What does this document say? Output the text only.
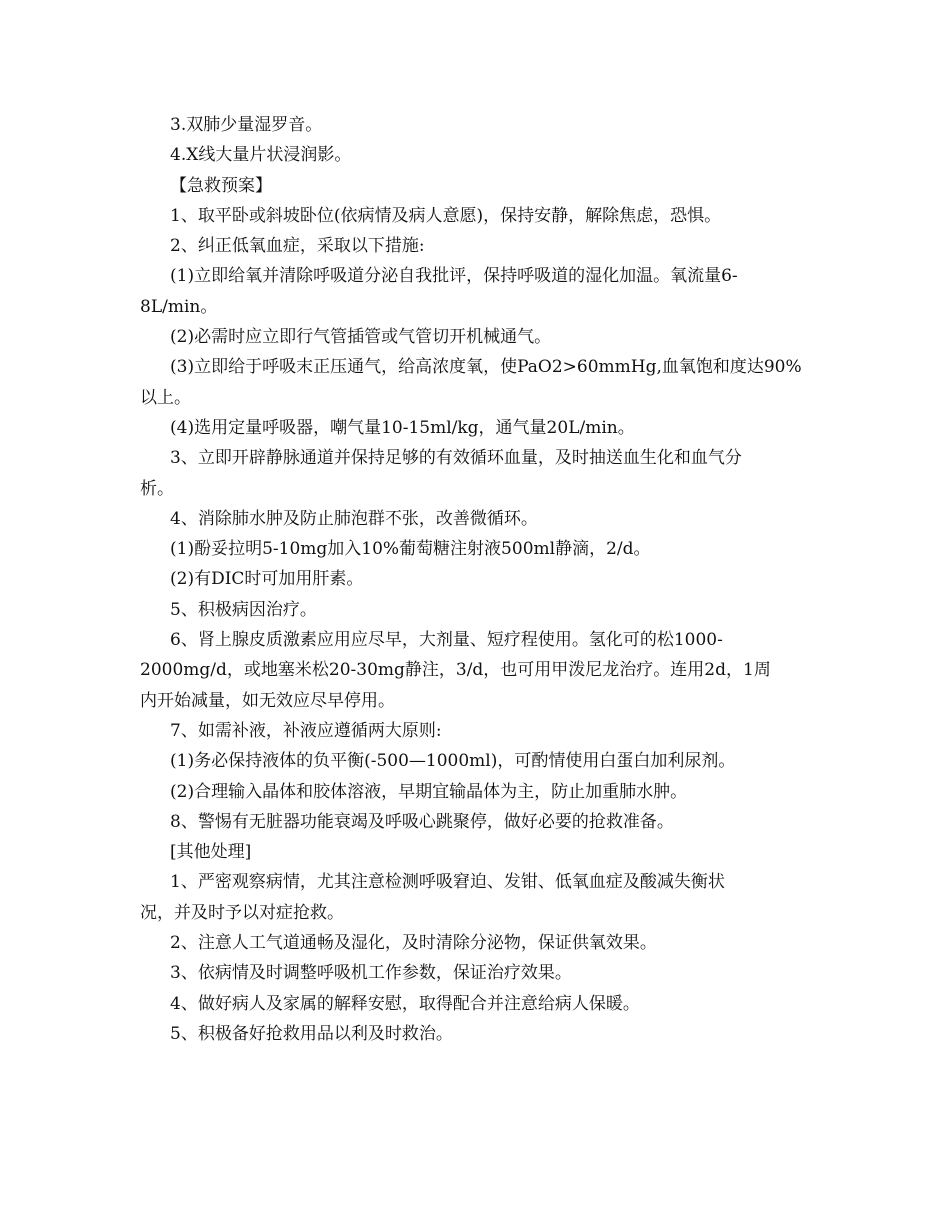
3.双肺少量湿罗音。
4.X线大量片状浸润影。
【急救预案】
1、取平卧或斜坡卧位(依病情及病人意愿)，保持安静，解除焦虑，恐惧。
2、纠正低氧血症，采取以下措施:
(1)立即给氧并清除呼吸道分泌自我批评，保持呼吸道的湿化加温。氧流量6-
8L/min。
(2)必需时应立即行气管插管或气管切开机械通气。
(3)立即给于呼吸末正压通气，给高浓度氧，使PaO2>60mmHg,血氧饱和度达90%
以上。
(4)选用定量呼吸器，嘲气量10-15ml/kg，通气量20L/min。
3、立即开辟静脉通道并保持足够的有效循环血量，及时抽送血生化和血气分
析。
4、消除肺水肿及防止肺泡群不张，改善微循环。
(1)酚妥拉明5-10mg加入10%葡萄糖注射液500ml静滴，2/d。
(2)有DIC时可加用肝素。
5、积极病因治疗。
6、肾上腺皮质激素应用应尽早，大剂量、短疗程使用。氢化可的松1000-
2000mg/d，或地塞米松20-30mg静注，3/d，也可用甲泼尼龙治疗。连用2d，1周
内开始减量，如无效应尽早停用。
7、如需补液，补液应遵循两大原则:
(1)务必保持液体的负平衡(-500—1000ml)，可酌情使用白蛋白加利尿剂。
(2)合理输入晶体和胶体溶液，早期宜输晶体为主，防止加重肺水肿。
8、警惕有无脏器功能衰竭及呼吸心跳聚停，做好必要的抢救准备。
[其他处理]
1、严密观察病情，尤其注意检测呼吸窘迫、发钳、低氧血症及酸减失衡状
况，并及时予以对症抢救。
2、注意人工气道通畅及湿化，及时清除分泌物，保证供氧效果。
3、依病情及时调整呼吸机工作参数，保证治疗效果。
4、做好病人及家属的解释安慰，取得配合并注意给病人保暖。
5、积极备好抢救用品以利及时救治。
